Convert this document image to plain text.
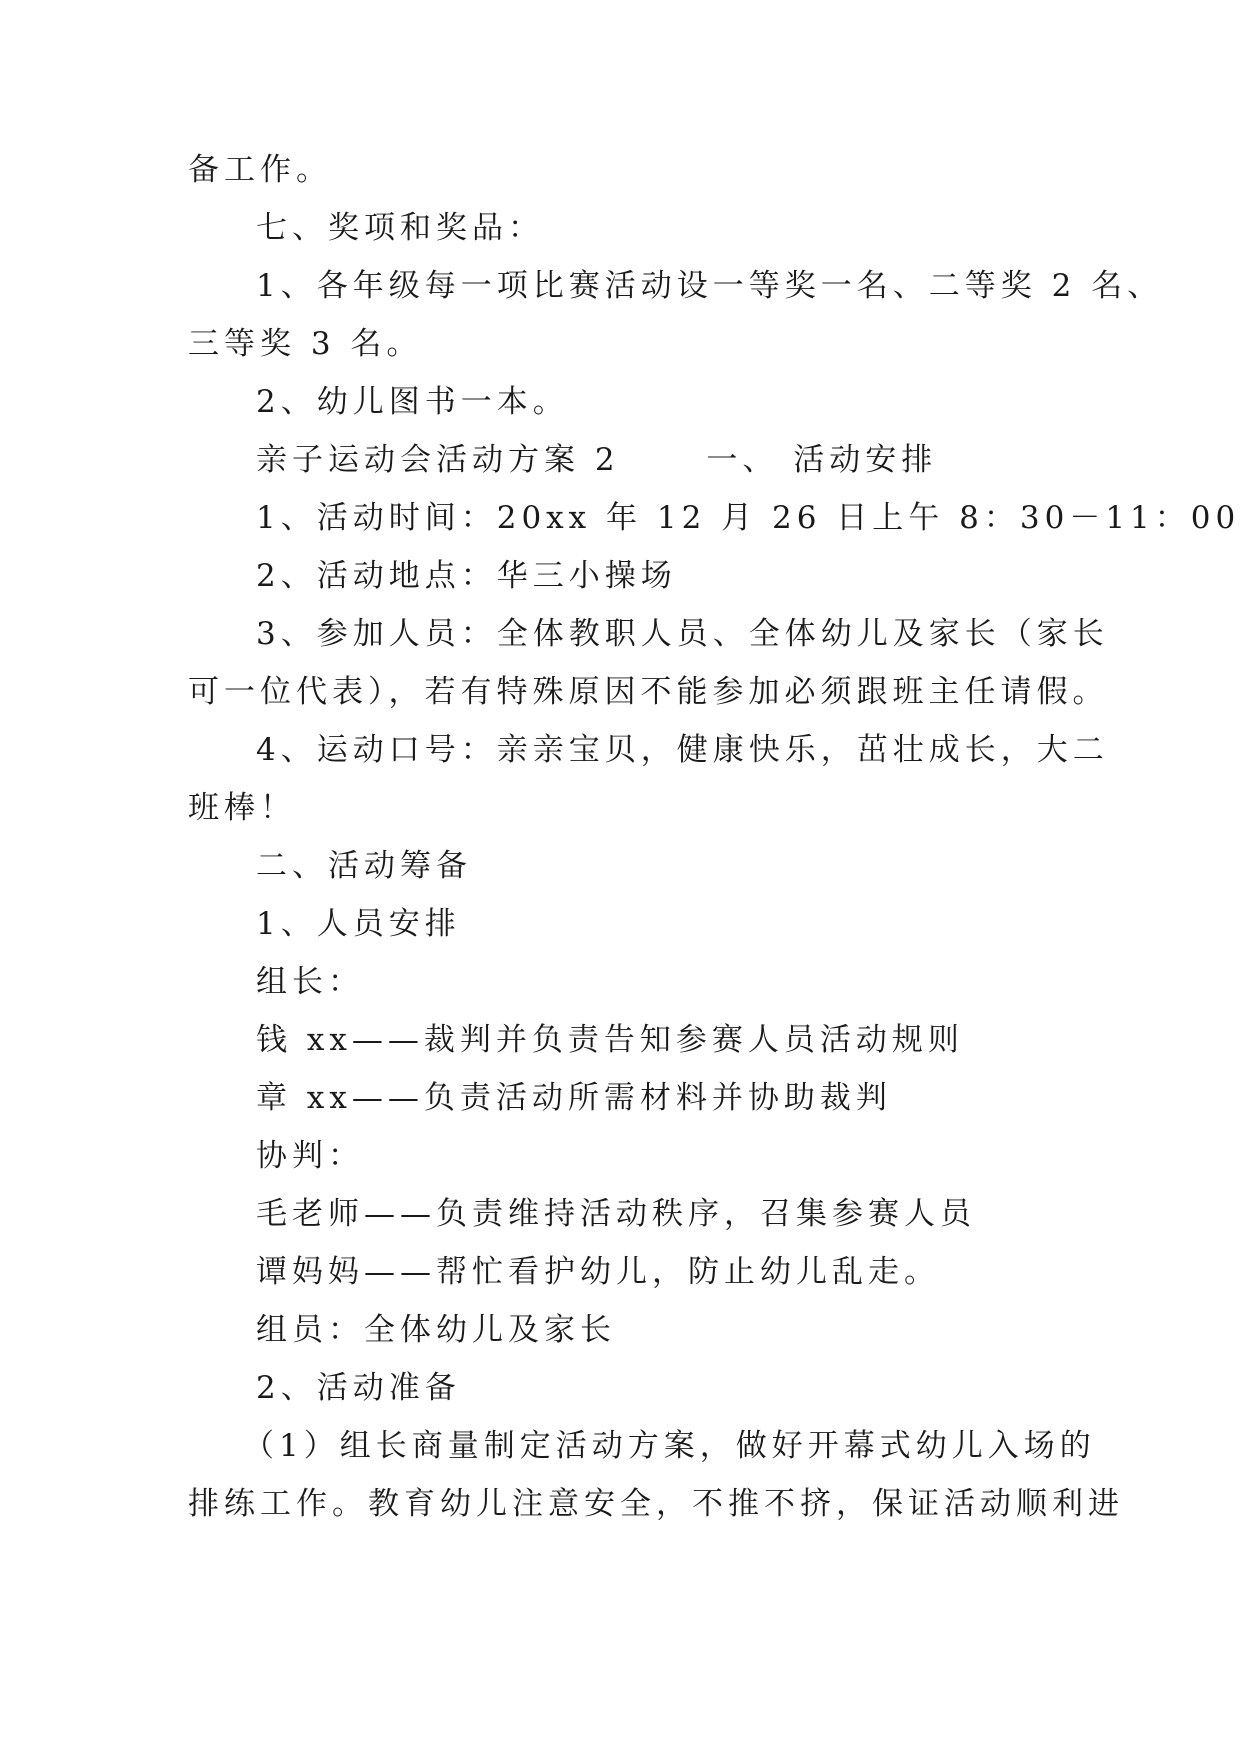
备工作。
七、奖项和奖品：
1、各年级每一项比赛活动设一等奖一名、二等奖 2 名、
三等奖 3 名。
2、幼儿图书一本。
亲子运动会活动方案 2　　 一、 活动安排
1、活动时间：20xx 年 12 月 26 日上午 8：30－11：00
2、活动地点：华三小操场
3、参加人员：全体教职人员、全体幼儿及家长（家长
可一位代表），若有特殊原因不能参加必须跟班主任请假。
4、运动口号：亲亲宝贝，健康快乐，茁壮成长，大二
班棒！
二、活动筹备
1、人员安排
组长：
钱 xx——裁判并负责告知参赛人员活动规则
章 xx——负责活动所需材料并协助裁判
协判：
毛老师——负责维持活动秩序，召集参赛人员
谭妈妈——帮忙看护幼儿，防止幼儿乱走。
组员：全体幼儿及家长
2、活动准备
（1）组长商量制定活动方案，做好开幕式幼儿入场的
排练工作。教育幼儿注意安全，不推不挤，保证活动顺利进
